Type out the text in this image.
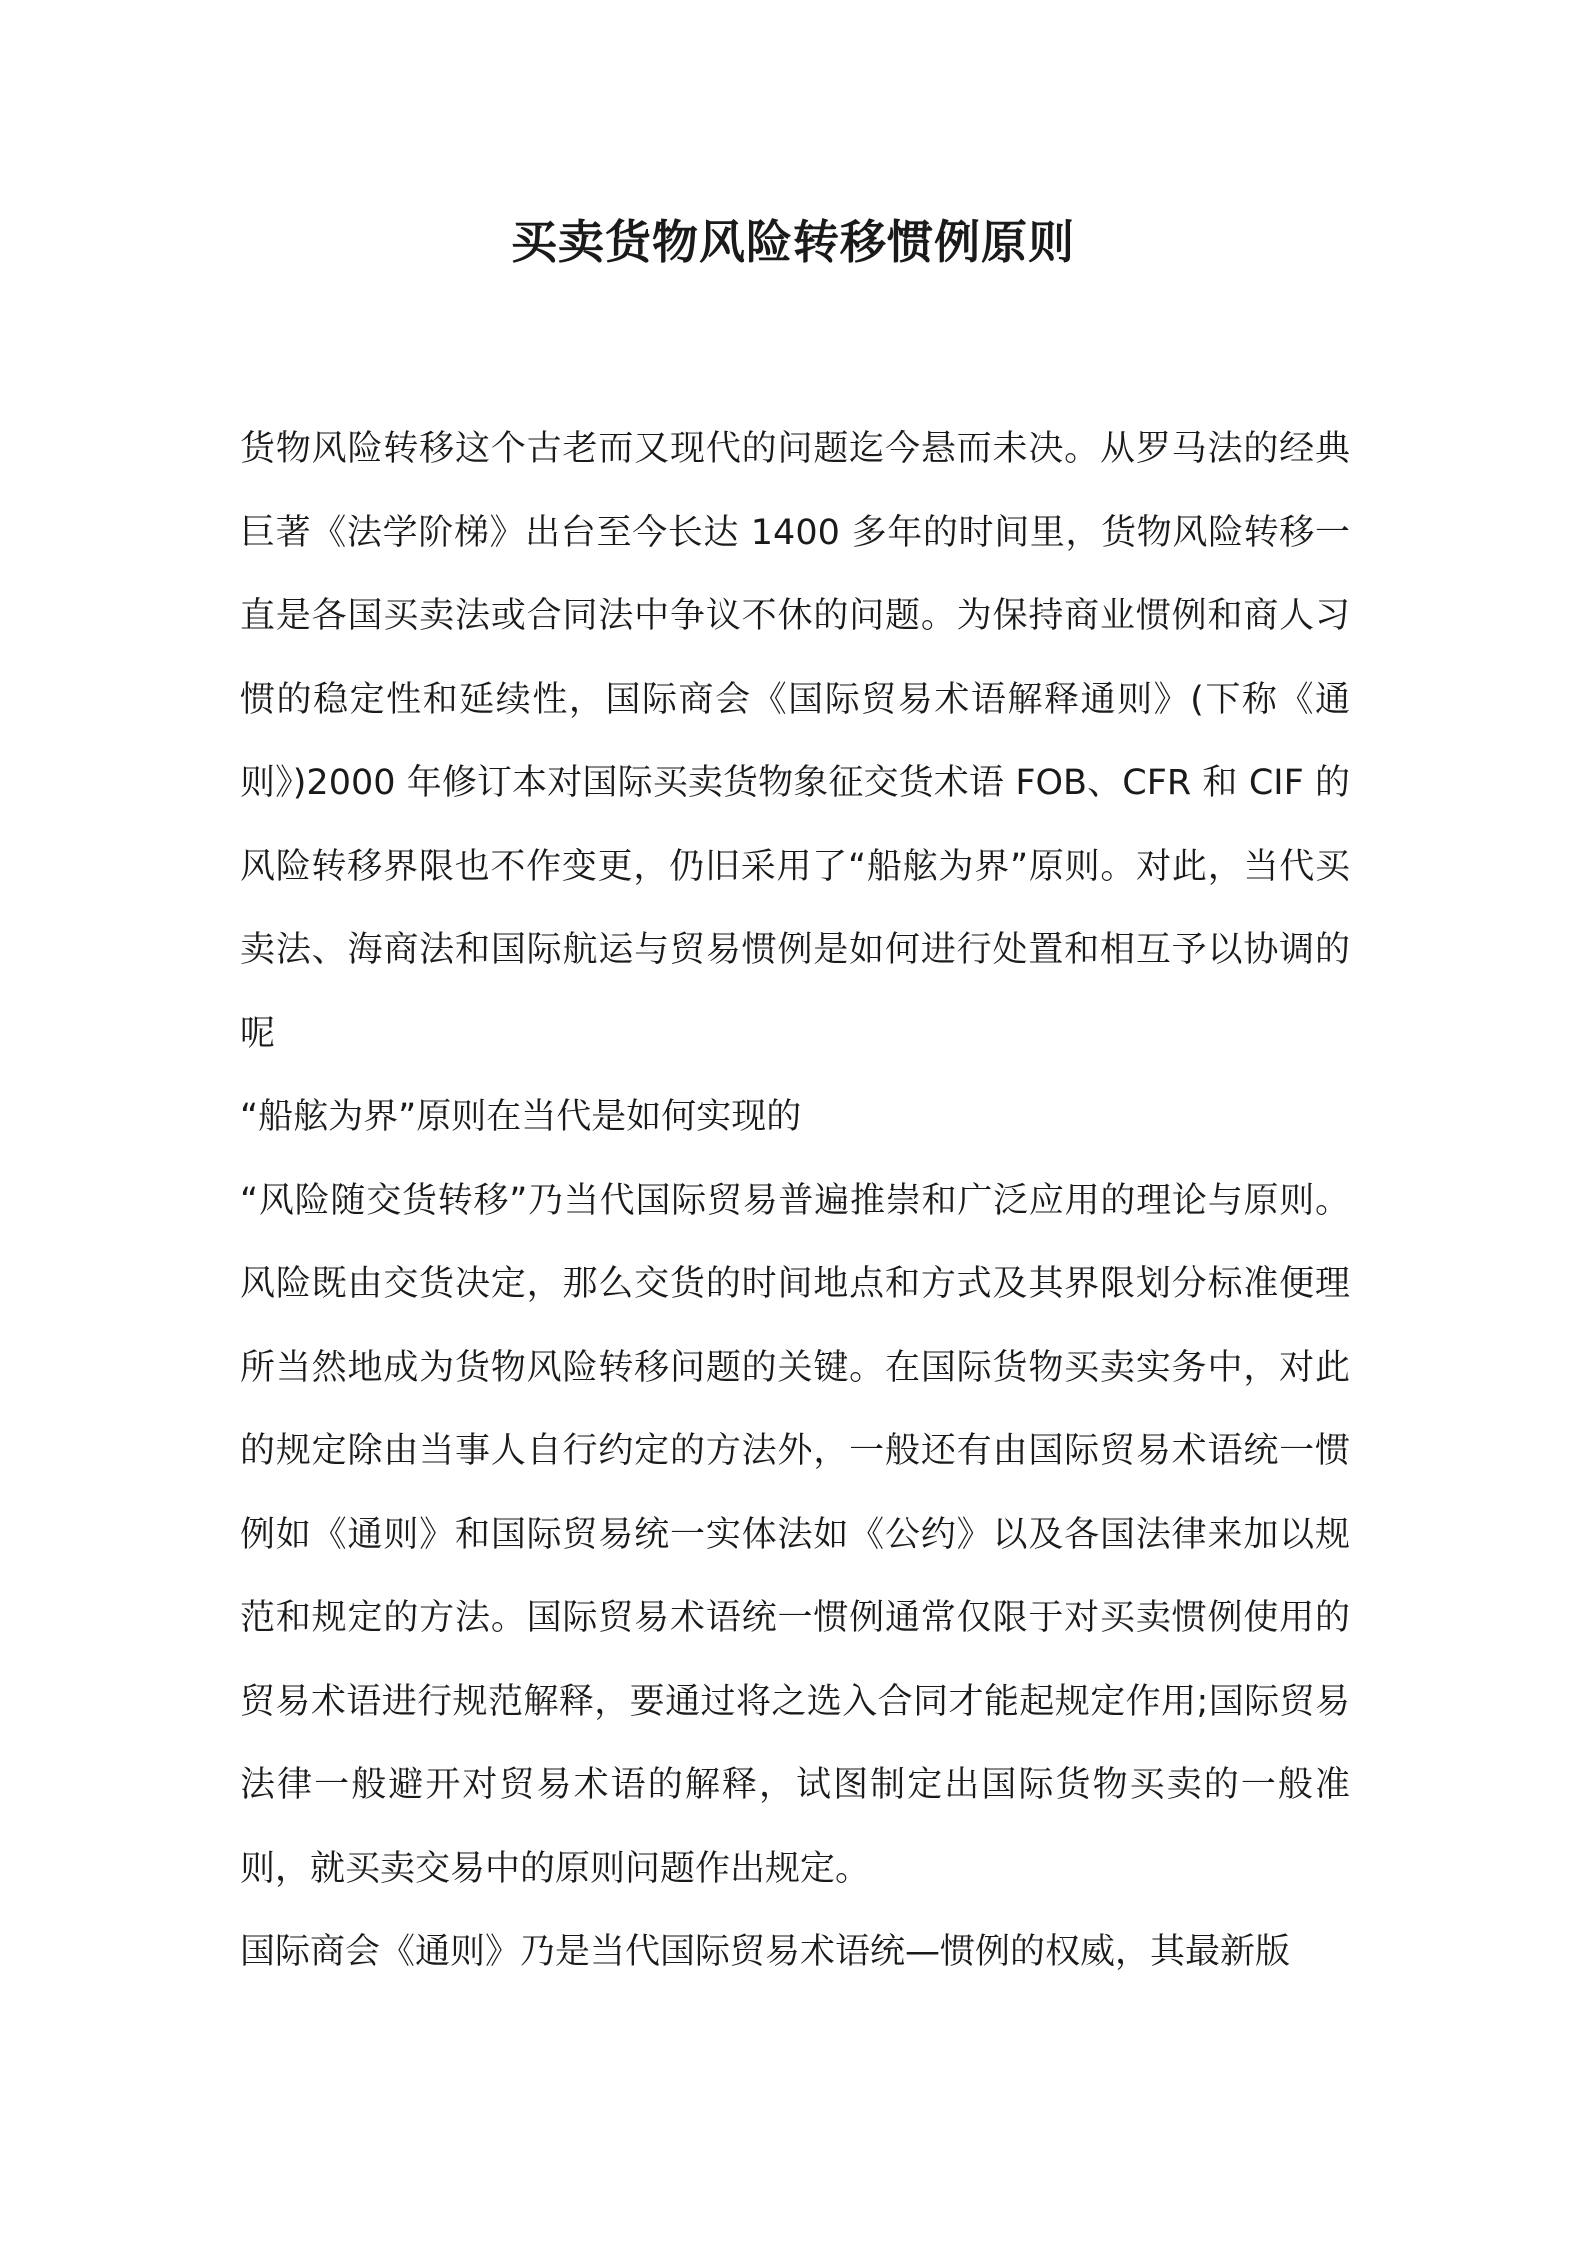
买卖货物风险转移惯例原则

货物风险转移这个古老而又现代的问题迄今悬而未决。从罗马法的经典巨著《法学阶梯》出台至今长达 1400 多年的时间里，货物风险转移一直是各国买卖法或合同法中争议不休的问题。为保持商业惯例和商人习惯的稳定性和延续性，国际商会《国际贸易术语解释通则》(下称《通则》)2000 年修订本对国际买卖货物象征交货术语 FOB、CFR 和 CIF 的风险转移界限也不作变更，仍旧采用了“船舷为界”原则。对此，当代买卖法、海商法和国际航运与贸易惯例是如何进行处置和相互予以协调的呢

“船舷为界”原则在当代是如何实现的

“风险随交货转移”乃当代国际贸易普遍推崇和广泛应用的理论与原则。风险既由交货决定，那么交货的时间地点和方式及其界限划分标准便理所当然地成为货物风险转移问题的关键。在国际货物买卖实务中，对此的规定除由当事人自行约定的方法外，一般还有由国际贸易术语统一惯例如《通则》和国际贸易统一实体法如《公约》以及各国法律来加以规范和规定的方法。国际贸易术语统一惯例通常仅限于对买卖惯例使用的贸易术语进行规范解释，要通过将之选入合同才能起规定作用;国际贸易法律一般避开对贸易术语的解释，试图制定出国际货物买卖的一般准则，就买卖交易中的原则问题作出规定。

国际商会《通则》乃是当代国际贸易术语统—惯例的权威，其最新版
